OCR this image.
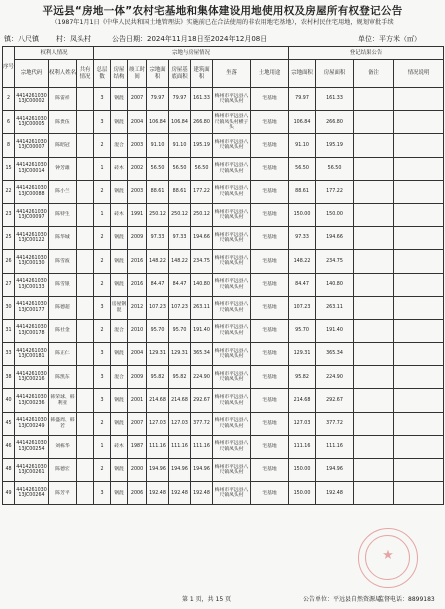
平远县“房地一体”农村宅基地和集体建设用地使用权及房屋所有权登记公告
（1987年1月1日《中华人民共和国土地管理法》实施前已在合法使用的非农用地宅基地），农村村民住宅用地，规划审批手续
镇：八尺镇 村：凤头村	公告日期：2024年11月18日至2024年12月08日	单位：平方米（㎡）
序号	权利人情况			宗地与房屋情况								登记结果公告			
	宗地代码	权利人姓名	共有情况	总层数	房屋结构	竣工时间	宗地面积	房屋基底面积	建筑面积	坐落	土地用途	宗地面积	房屋面积	备注	情况说明
2	441426103013JC00002	陈雷祥		3	钢混	2007	79.97	79.97	161.33	梅州市平远县八尺镇凤头村	宅基地	79.97	161.33		
6	441426103013JC00005	陈贵伍		3	钢混	2004	106.84	106.84	266.80	梅州市平远县八尺镇凤头村横子头	宅基地	106.84	266.80		
8	441426103013JC00007	陈昭冠		2	混合	2003	91.10	91.10	195.19	梅州市平远县八尺镇凤头村	宅基地	91.10	195.19		
15	441426103013JC00014	钟芳雄		1	砖木	2002	56.50	56.50	56.50	梅州市平远县八尺镇凤头村	宅基地	56.50	56.50		
22	441426103013JC00088	陈小兰		2	钢混	2003	88.61	88.61	177.22	梅州市平远县八尺镇凤头村	宅基地	88.61	177.22		
23	441426103013JC00097	陈特生		1	砖木	1991	250.12	250.12	250.12	梅州市平远县八尺镇凤头村	宅基地	150.00	150.00		
25	441426103013JC00122	陈华城		2	钢混	2009	97.33	97.33	194.66	梅州市平远县八尺镇凤头村	宅基地	97.33	194.66		
26	441426103013JC00130	陈雪波		2	钢混	2016	148.22	148.22	234.75	梅州市平远县八尺镇凤头村	宅基地	148.22	234.75		
27	441426103013JC00133	陈雪银		2	钢混	2016	84.47	84.47	140.80	梅州市平远县八尺镇凤头村	宅基地	84.47	140.80		
30	441426103013JC00177	陈德超		3	房屋钢混	2012	107.23	107.23	263.11	梅州市平远县八尺镇凤头村	宅基地	107.23	263.11		
31	441426103013JC00178	陈社金		2	混合	2010	95.70	95.70	191.40	梅州市平远县八尺镇凤头村	宅基地	95.70	191.40		
33	441426103013JC00181	陈正仁		3	钢混	2004	129.31	129.31	365.34	梅州市平远县八尺镇凤头村	宅基地	129.31	365.34		
38	441426103013JC00216	陈凯东		3	混合	2009	95.82	95.82	224.90	梅州市平远县八尺镇凤头村	宅基地	95.82	224.90		
40	441426103013JC00236	韩荣球、韩利亚		3	钢混	2001	214.68	214.68	292.67	梅州市平远县八尺镇凤头村	宅基地	214.68	292.67		
45	441426103013JC00249	韩盛周、韩若		2	钢混	2007	127.03	127.03	377.72	梅州市平远县八尺镇凤头村	宅基地	127.03	377.72		
46	441426103013JC00254	刘栋华		1	砖木	1987	111.16	111.16	111.16	梅州市平远县八尺镇凤头村	宅基地	111.16	111.16		
48	441426103013JC00261	陈德宏		2	钢混	2000	194.96	194.96	194.96	梅州市平远县八尺镇凤头村	宅基地	150.00	194.96		
49	441426103013JC00264	陈芳平		3	钢混	2006	192.48	192.48	192.48	梅州市平远县八尺镇凤头村	宅基地	150.00	192.48		
第 1 页，共 15 页	公告单位：平远县自然资源局
监督电话：8899183
★
